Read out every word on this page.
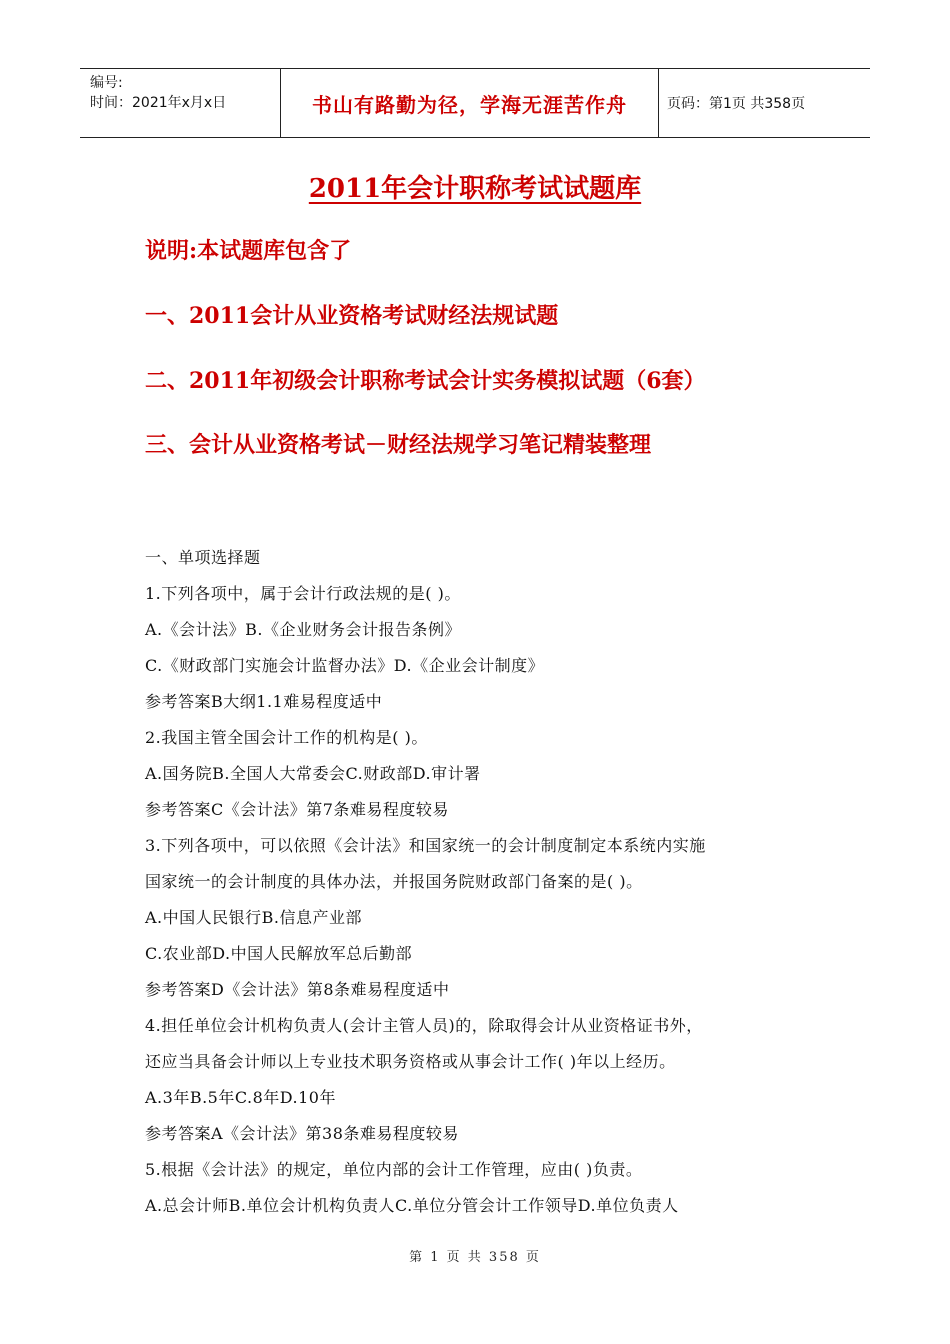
编号:
时间：2021年x月x日	书山有路勤为径，学海无涯苦作舟	页码：第1页 共358页
2011年会计职称考试试题库

说明:本试题库包含了

一、2011会计从业资格考试财经法规试题

二、2011年初级会计职称考试会计实务模拟试题（6套）

三、会计从业资格考试－财经法规学习笔记精装整理

一、单项选择题

1.下列各项中，属于会计行政法规的是( )。

A.《会计法》B.《企业财务会计报告条例》

C.《财政部门实施会计监督办法》D.《企业会计制度》

参考答案B大纲1.1难易程度适中

2.我国主管全国会计工作的机构是( )。

A.国务院B.全国人大常委会C.财政部D.审计署

参考答案C《会计法》第7条难易程度较易

3.下列各项中，可以依照《会计法》和国家统一的会计制度制定本系统内实施

国家统一的会计制度的具体办法，并报国务院财政部门备案的是( )。

A.中国人民银行B.信息产业部

C.农业部D.中国人民解放军总后勤部

参考答案D《会计法》第8条难易程度适中

4.担任单位会计机构负责人(会计主管人员)的，除取得会计从业资格证书外，

还应当具备会计师以上专业技术职务资格或从事会计工作( )年以上经历。

A.3年B.5年C.8年D.10年

参考答案A《会计法》第38条难易程度较易

5.根据《会计法》的规定，单位内部的会计工作管理，应由( )负责。

A.总会计师B.单位会计机构负责人C.单位分管会计工作领导D.单位负责人

第 1 页 共 358 页
